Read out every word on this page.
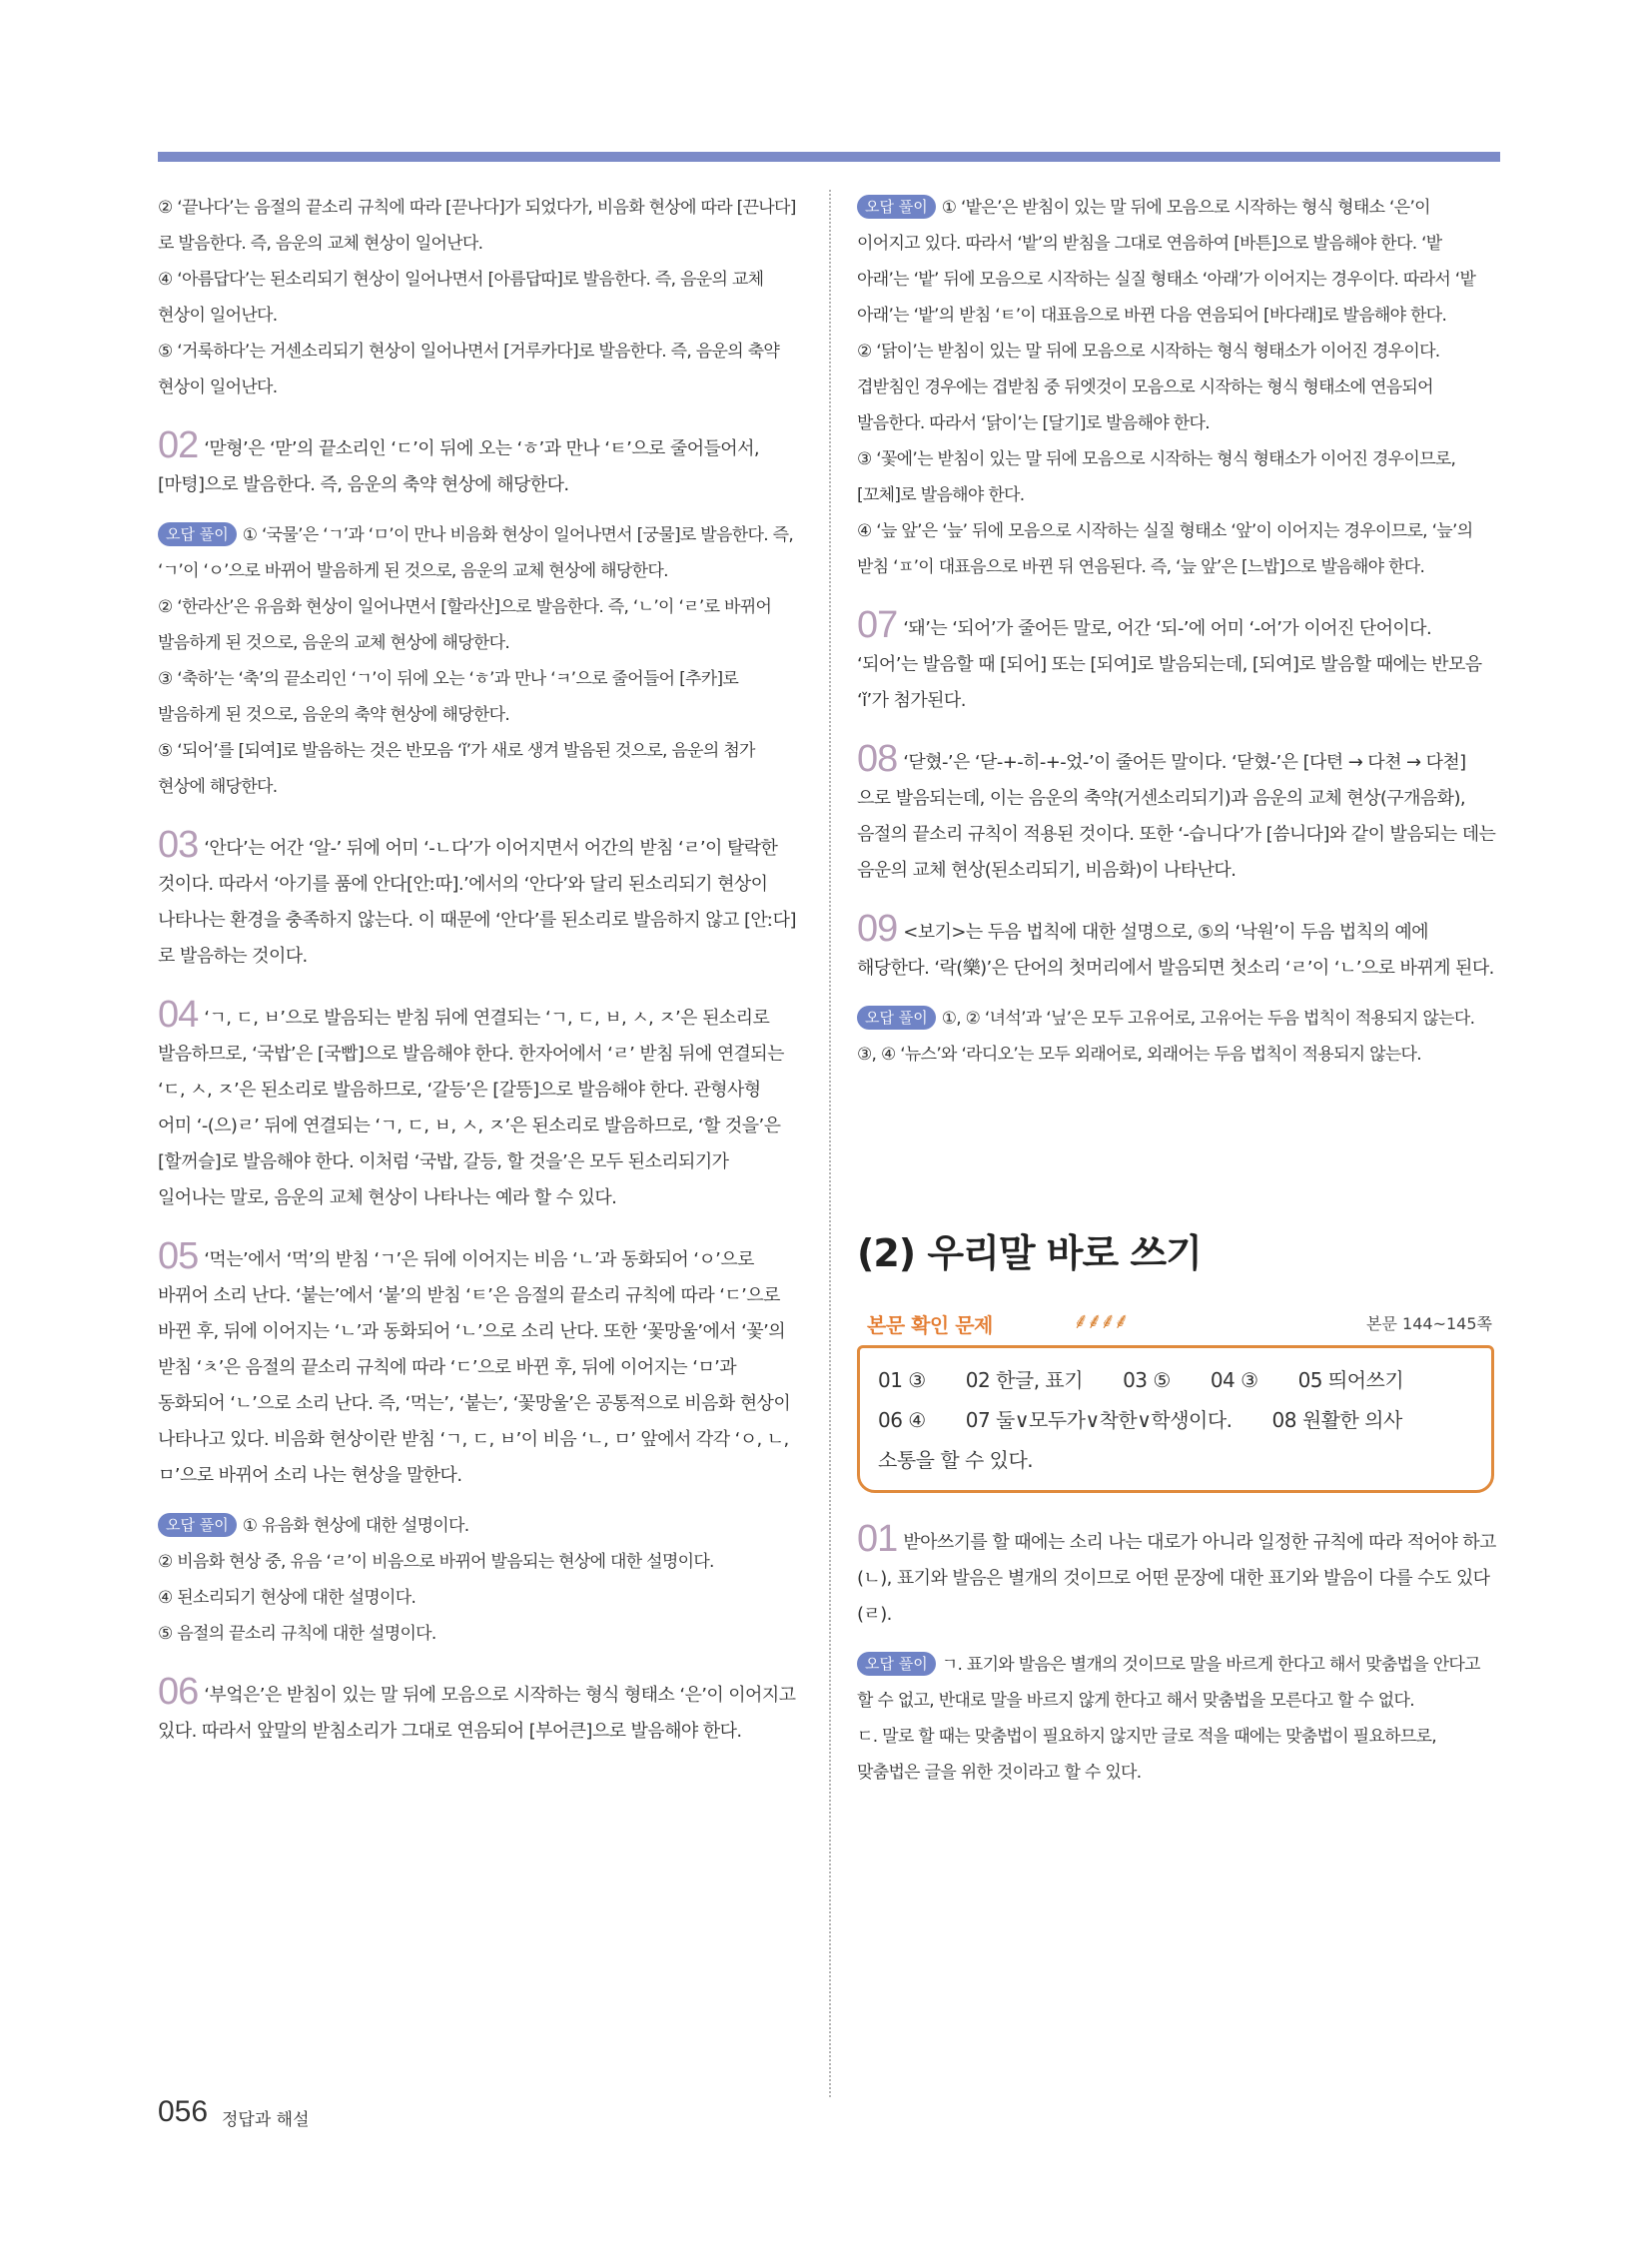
② ‘끝나다’는 음절의 끝소리 규칙에 따라 [끋나다]가 되었다가, 비음화 현상에 따라 [끈나다]로 발음한다. 즉, 음운의 교체 현상이 일어난다.

④ ‘아름답다’는 된소리되기 현상이 일어나면서 [아름답따]로 발음한다. 즉, 음운의 교체 현상이 일어난다.

⑤ ‘거룩하다’는 거센소리되기 현상이 일어나면서 [거루카다]로 발음한다. 즉, 음운의 축약 현상이 일어난다.

02 ‘맏형’은 ‘맏’의 끝소리인 ‘ㄷ’이 뒤에 오는 ‘ㅎ’과 만나 ‘ㅌ’으로 줄어들어서, [마텽]으로 발음한다. 즉, 음운의 축약 현상에 해당한다.

오답 풀이 ① ‘국물’은 ‘ㄱ’과 ‘ㅁ’이 만나 비음화 현상이 일어나면서 [궁물]로 발음한다. 즉, ‘ㄱ’이 ‘ㅇ’으로 바뀌어 발음하게 된 것으로, 음운의 교체 현상에 해당한다.

② ‘한라산’은 유음화 현상이 일어나면서 [할라산]으로 발음한다. 즉, ‘ㄴ’이 ‘ㄹ’로 바뀌어 발음하게 된 것으로, 음운의 교체 현상에 해당한다.

③ ‘축하’는 ‘축’의 끝소리인 ‘ㄱ’이 뒤에 오는 ‘ㅎ’과 만나 ‘ㅋ’으로 줄어들어 [추카]로 발음하게 된 것으로, 음운의 축약 현상에 해당한다.

⑤ ‘되어’를 [되여]로 발음하는 것은 반모음 ‘ǐ’가 새로 생겨 발음된 것으로, 음운의 첨가 현상에 해당한다.

03 ‘안다’는 어간 ‘알-’ 뒤에 어미 ‘-ㄴ다’가 이어지면서 어간의 받침 ‘ㄹ’이 탈락한 것이다. 따라서 ‘아기를 품에 안다[안ː따].’에서의 ‘안다’와 달리 된소리되기 현상이 나타나는 환경을 충족하지 않는다. 이 때문에 ‘안다’를 된소리로 발음하지 않고 [안ː다]로 발음하는 것이다.

04 ‘ㄱ, ㄷ, ㅂ’으로 발음되는 받침 뒤에 연결되는 ‘ㄱ, ㄷ, ㅂ, ㅅ, ㅈ’은 된소리로 발음하므로, ‘국밥’은 [국빱]으로 발음해야 한다. 한자어에서 ‘ㄹ’ 받침 뒤에 연결되는 ‘ㄷ, ㅅ, ㅈ’은 된소리로 발음하므로, ‘갈등’은 [갈뜽]으로 발음해야 한다. 관형사형 어미 ‘-(으)ㄹ’ 뒤에 연결되는 ‘ㄱ, ㄷ, ㅂ, ㅅ, ㅈ’은 된소리로 발음하므로, ‘할 것을’은 [할꺼슬]로 발음해야 한다. 이처럼 ‘국밥, 갈등, 할 것을’은 모두 된소리되기가 일어나는 말로, 음운의 교체 현상이 나타나는 예라 할 수 있다.

05 ‘먹는’에서 ‘먹’의 받침 ‘ㄱ’은 뒤에 이어지는 비음 ‘ㄴ’과 동화되어 ‘ㅇ’으로 바뀌어 소리 난다. ‘붙는’에서 ‘붙’의 받침 ‘ㅌ’은 음절의 끝소리 규칙에 따라 ‘ㄷ’으로 바뀐 후, 뒤에 이어지는 ‘ㄴ’과 동화되어 ‘ㄴ’으로 소리 난다. 또한 ‘꽃망울’에서 ‘꽃’의 받침 ‘ㅊ’은 음절의 끝소리 규칙에 따라 ‘ㄷ’으로 바뀐 후, 뒤에 이어지는 ‘ㅁ’과 동화되어 ‘ㄴ’으로 소리 난다. 즉, ‘먹는’, ‘붙는’, ‘꽃망울’은 공통적으로 비음화 현상이 나타나고 있다. 비음화 현상이란 받침 ‘ㄱ, ㄷ, ㅂ’이 비음 ‘ㄴ, ㅁ’ 앞에서 각각 ‘ㅇ, ㄴ, ㅁ’으로 바뀌어 소리 나는 현상을 말한다.

오답 풀이 ① 유음화 현상에 대한 설명이다.

② 비음화 현상 중, 유음 ‘ㄹ’이 비음으로 바뀌어 발음되는 현상에 대한 설명이다.

④ 된소리되기 현상에 대한 설명이다.

⑤ 음절의 끝소리 규칙에 대한 설명이다.

06 ‘부엌은’은 받침이 있는 말 뒤에 모음으로 시작하는 형식 형태소 ‘은’이 이어지고 있다. 따라서 앞말의 받침소리가 그대로 연음되어 [부어큰]으로 발음해야 한다.

오답 풀이 ① ‘밭은’은 받침이 있는 말 뒤에 모음으로 시작하는 형식 형태소 ‘은’이 이어지고 있다. 따라서 ‘밭’의 받침을 그대로 연음하여 [바튼]으로 발음해야 한다. ‘밭 아래’는 ‘밭’ 뒤에 모음으로 시작하는 실질 형태소 ‘아래’가 이어지는 경우이다. 따라서 ‘밭 아래’는 ‘밭’의 받침 ‘ㅌ’이 대표음으로 바뀐 다음 연음되어 [바다래]로 발음해야 한다.

② ‘닭이’는 받침이 있는 말 뒤에 모음으로 시작하는 형식 형태소가 이어진 경우이다. 겹받침인 경우에는 겹받침 중 뒤엣것이 모음으로 시작하는 형식 형태소에 연음되어 발음한다. 따라서 ‘닭이’는 [달기]로 발음해야 한다.

③ ‘꽃에’는 받침이 있는 말 뒤에 모음으로 시작하는 형식 형태소가 이어진 경우이므로, [꼬체]로 발음해야 한다.

④ ‘늪 앞’은 ‘늪’ 뒤에 모음으로 시작하는 실질 형태소 ‘앞’이 이어지는 경우이므로, ‘늪’의 받침 ‘ㅍ’이 대표음으로 바뀐 뒤 연음된다. 즉, ‘늪 앞’은 [느밥]으로 발음해야 한다.

07 ‘돼’는 ‘되어’가 줄어든 말로, 어간 ‘되-’에 어미 ‘-어’가 이어진 단어이다. ‘되어’는 발음할 때 [되어] 또는 [되여]로 발음되는데, [되여]로 발음할 때에는 반모음 ‘ǐ’가 첨가된다.

08 ‘닫혔-’은 ‘닫-+-히-+-었-’이 줄어든 말이다. ‘닫혔-’은 [다텬 → 다쳔 → 다첟]으로 발음되는데, 이는 음운의 축약(거센소리되기)과 음운의 교체 현상(구개음화), 음절의 끝소리 규칙이 적용된 것이다. 또한 ‘-습니다’가 [씀니다]와 같이 발음되는 데는 음운의 교체 현상(된소리되기, 비음화)이 나타난다.

09 <보기>는 두음 법칙에 대한 설명으로, ⑤의 ‘낙원’이 두음 법칙의 예에 해당한다. ‘락(樂)’은 단어의 첫머리에서 발음되면 첫소리 ‘ㄹ’이 ‘ㄴ’으로 바뀌게 된다.

오답 풀이 ①, ② ‘녀석’과 ‘닢’은 모두 고유어로, 고유어는 두음 법칙이 적용되지 않는다.

③, ④ ‘뉴스’와 ‘라디오’는 모두 외래어로, 외래어는 두음 법칙이 적용되지 않는다.

(2) 우리말 바로 쓰기

본문 확인 문제	⸙⸙⸙⸙	본문 144~145쪽
01 ③ 02 한글, 표기 03 ⑤ 04 ③ 05 띄어쓰기
06 ④ 07 둘∨모두가∨착한∨학생이다. 08 원활한 의사
소통을 할 수 있다.

01 받아쓰기를 할 때에는 소리 나는 대로가 아니라 일정한 규칙에 따라 적어야 하고(ㄴ), 표기와 발음은 별개의 것이므로 어떤 문장에 대한 표기와 발음이 다를 수도 있다(ㄹ).

오답 풀이 ㄱ. 표기와 발음은 별개의 것이므로 말을 바르게 한다고 해서 맞춤법을 안다고 할 수 없고, 반대로 말을 바르지 않게 한다고 해서 맞춤법을 모른다고 할 수 없다.

ㄷ. 말로 할 때는 맞춤법이 필요하지 않지만 글로 적을 때에는 맞춤법이 필요하므로, 맞춤법은 글을 위한 것이라고 할 수 있다.

056 정답과 해설
